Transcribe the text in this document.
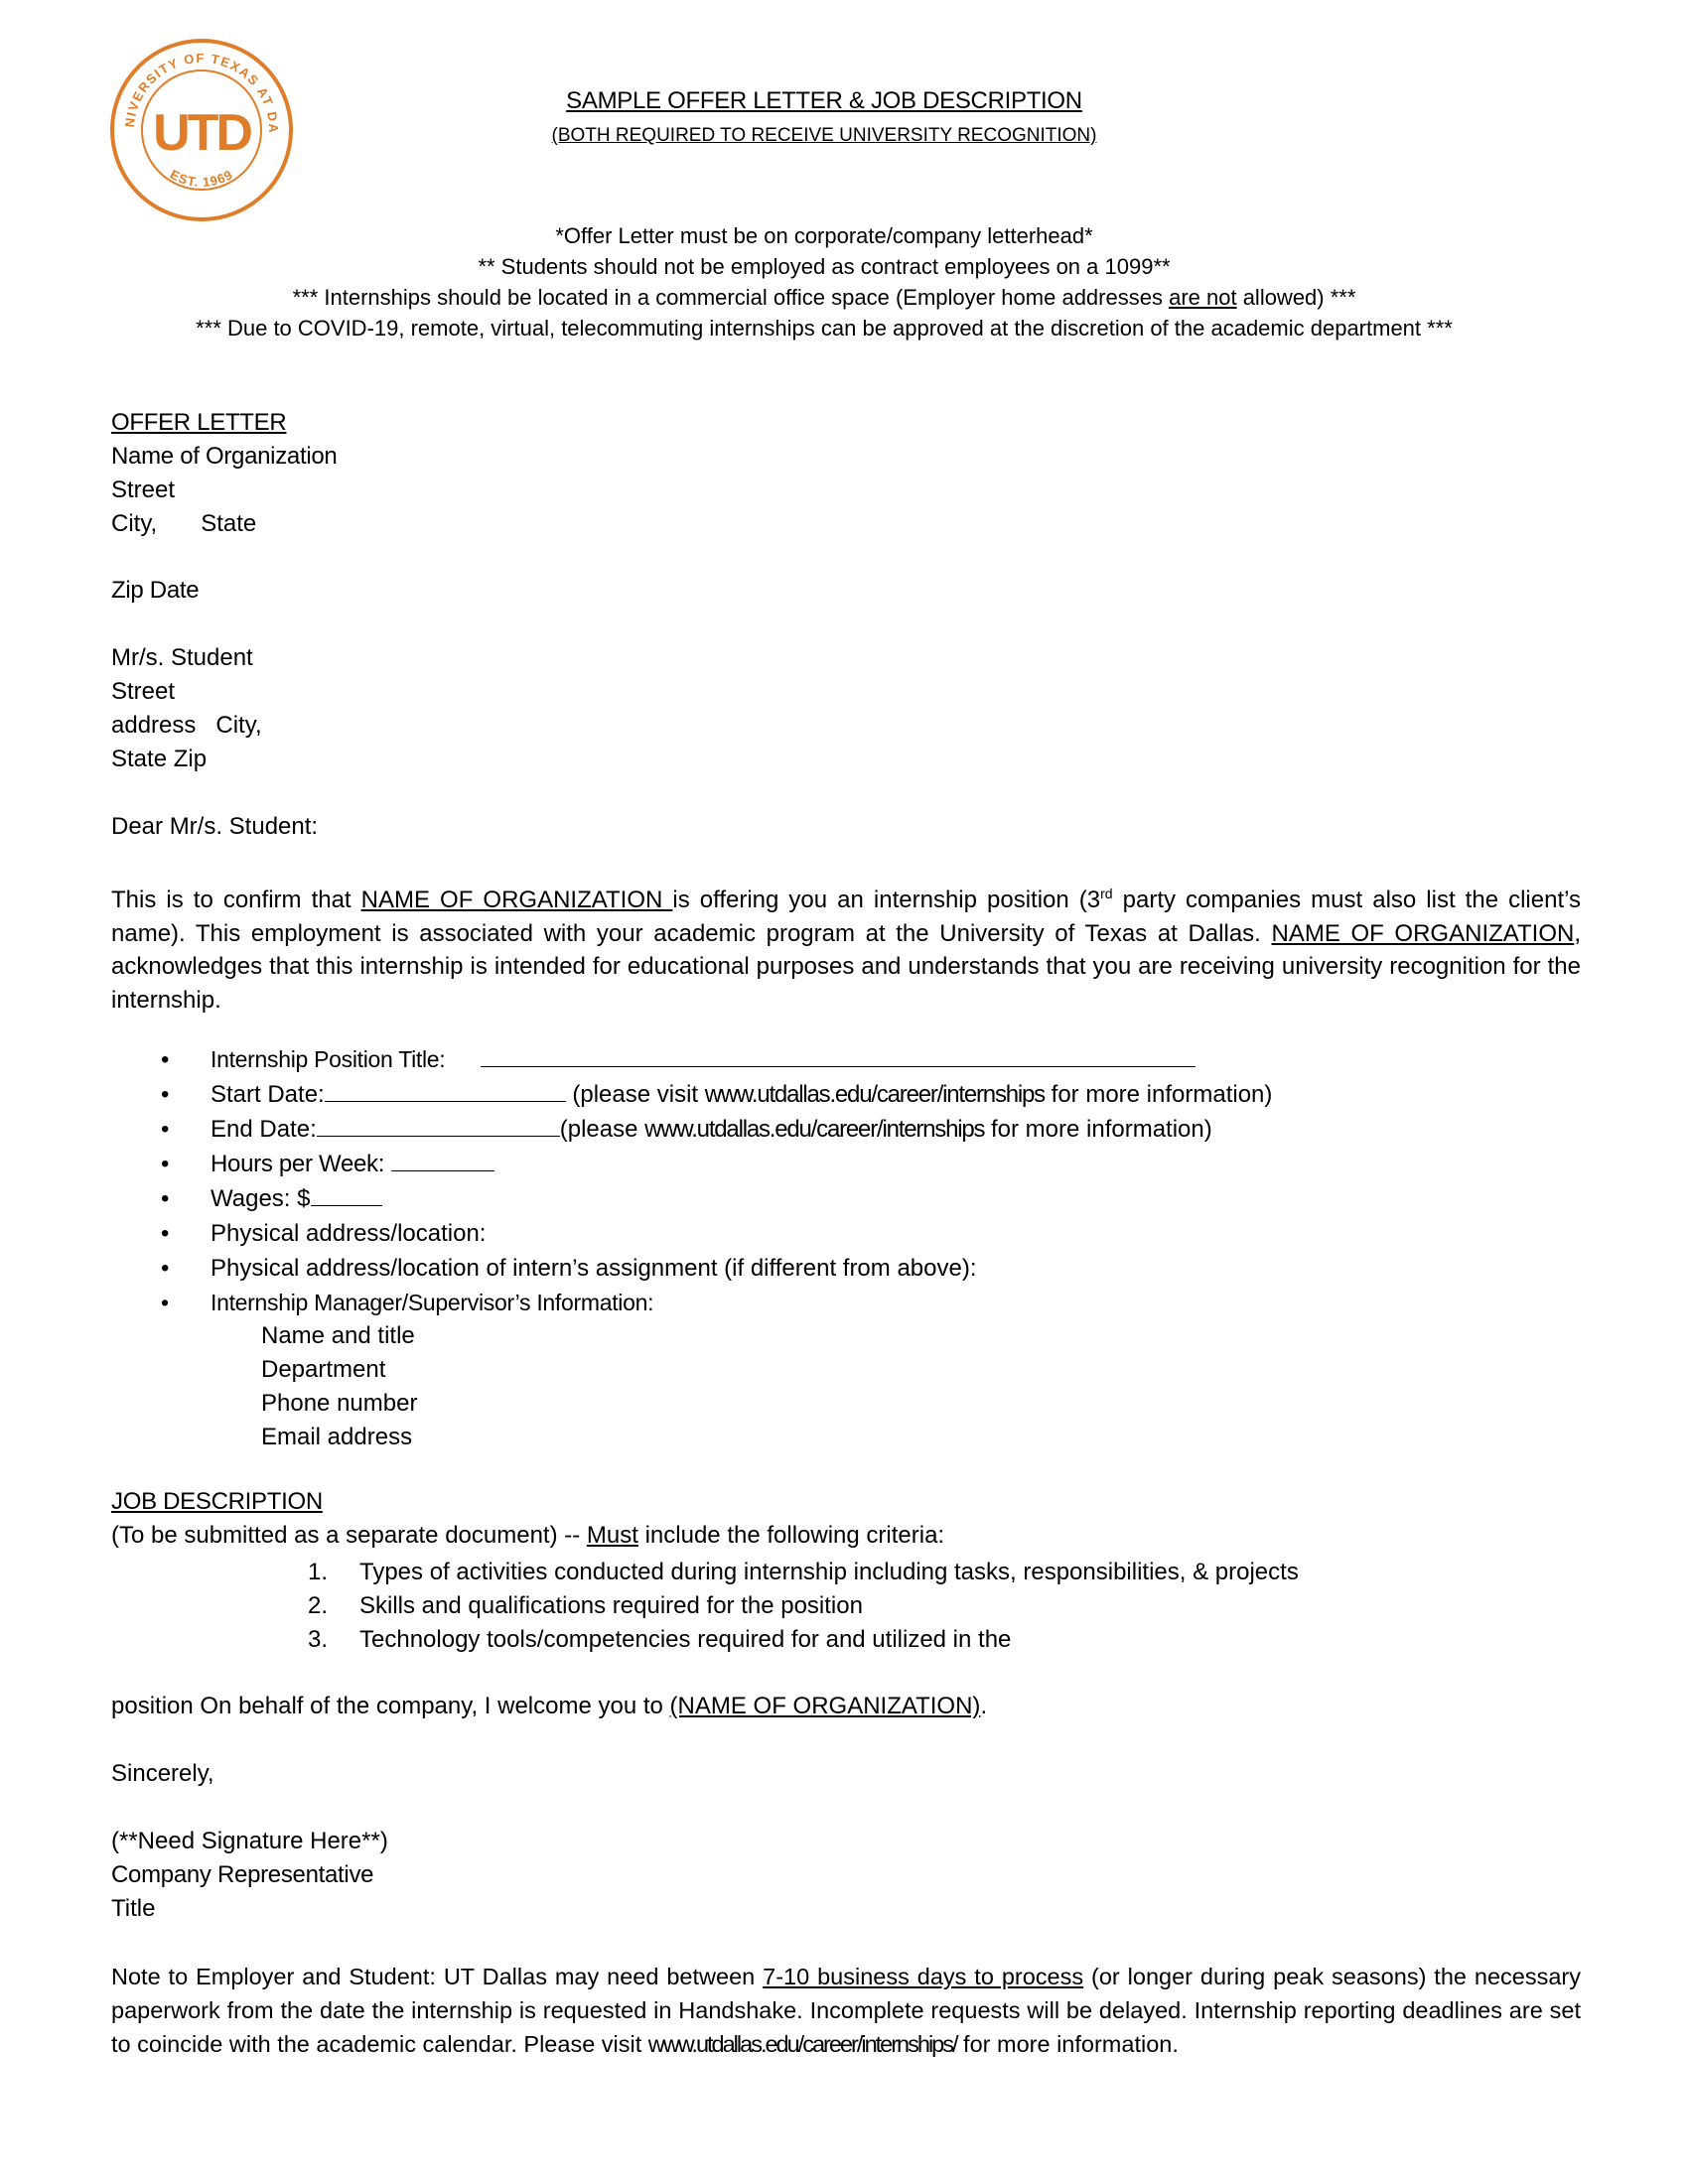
NIVERSITY OF TEXAS AT DA
EST. 1969
UTD
SAMPLE OFFER LETTER & JOB DESCRIPTION
(BOTH REQUIRED TO RECEIVE UNIVERSITY RECOGNITION)
*Offer Letter must be on corporate/company letterhead*
** Students should not be employed as contract employees on a 1099**
*** Internships should be located in a commercial office space (Employer home addresses are not allowed) ***
*** Due to COVID-19, remote, virtual, telecommuting internships can be approved at the discretion of the academic department ***
OFFER LETTER
Name of Organization
Street
City, State
Zip Date
Mr/s. Student
Street
address   City,
State Zip
Dear Mr/s. Student:
This is to confirm that NAME OF ORGANIZATION is offering you an internship position (3rd party companies must also list the client’s name). This employment is associated with your academic program at the University of Texas at Dallas. NAME OF ORGANIZATION, acknowledges that this internship is intended for educational purposes and understands that you are receiving university recognition for the internship.
• Internship Position Title:
• Start Date:	(please visit www.utdallas.edu/career/internships for more information)
• End Date:	(please www.utdallas.edu/career/internships for more information)
• Hours per Week:
• Wages: $
• Physical address/location:
• Physical address/location of intern’s assignment (if different from above):
• Internship Manager/Supervisor’s Information:
Name and title
Department
Phone number
Email address
JOB DESCRIPTION
(To be submitted as a separate document) -- Must include the following criteria:
1. Types of activities conducted during internship including tasks, responsibilities, & projects
2. Skills and qualifications required for the position
3. Technology tools/competencies required for and utilized in the
position On behalf of the company, I welcome you to (NAME OF ORGANIZATION).
Sincerely,
(**Need Signature Here**)
Company Representative
Title
Note to Employer and Student: UT Dallas may need between 7-10 business days to process (or longer during peak seasons) the necessary paperwork from the date the internship is requested in Handshake. Incomplete requests will be delayed. Internship reporting deadlines are set to coincide with the academic calendar. Please visit www.utdallas.edu/career/internships/ for more information.
